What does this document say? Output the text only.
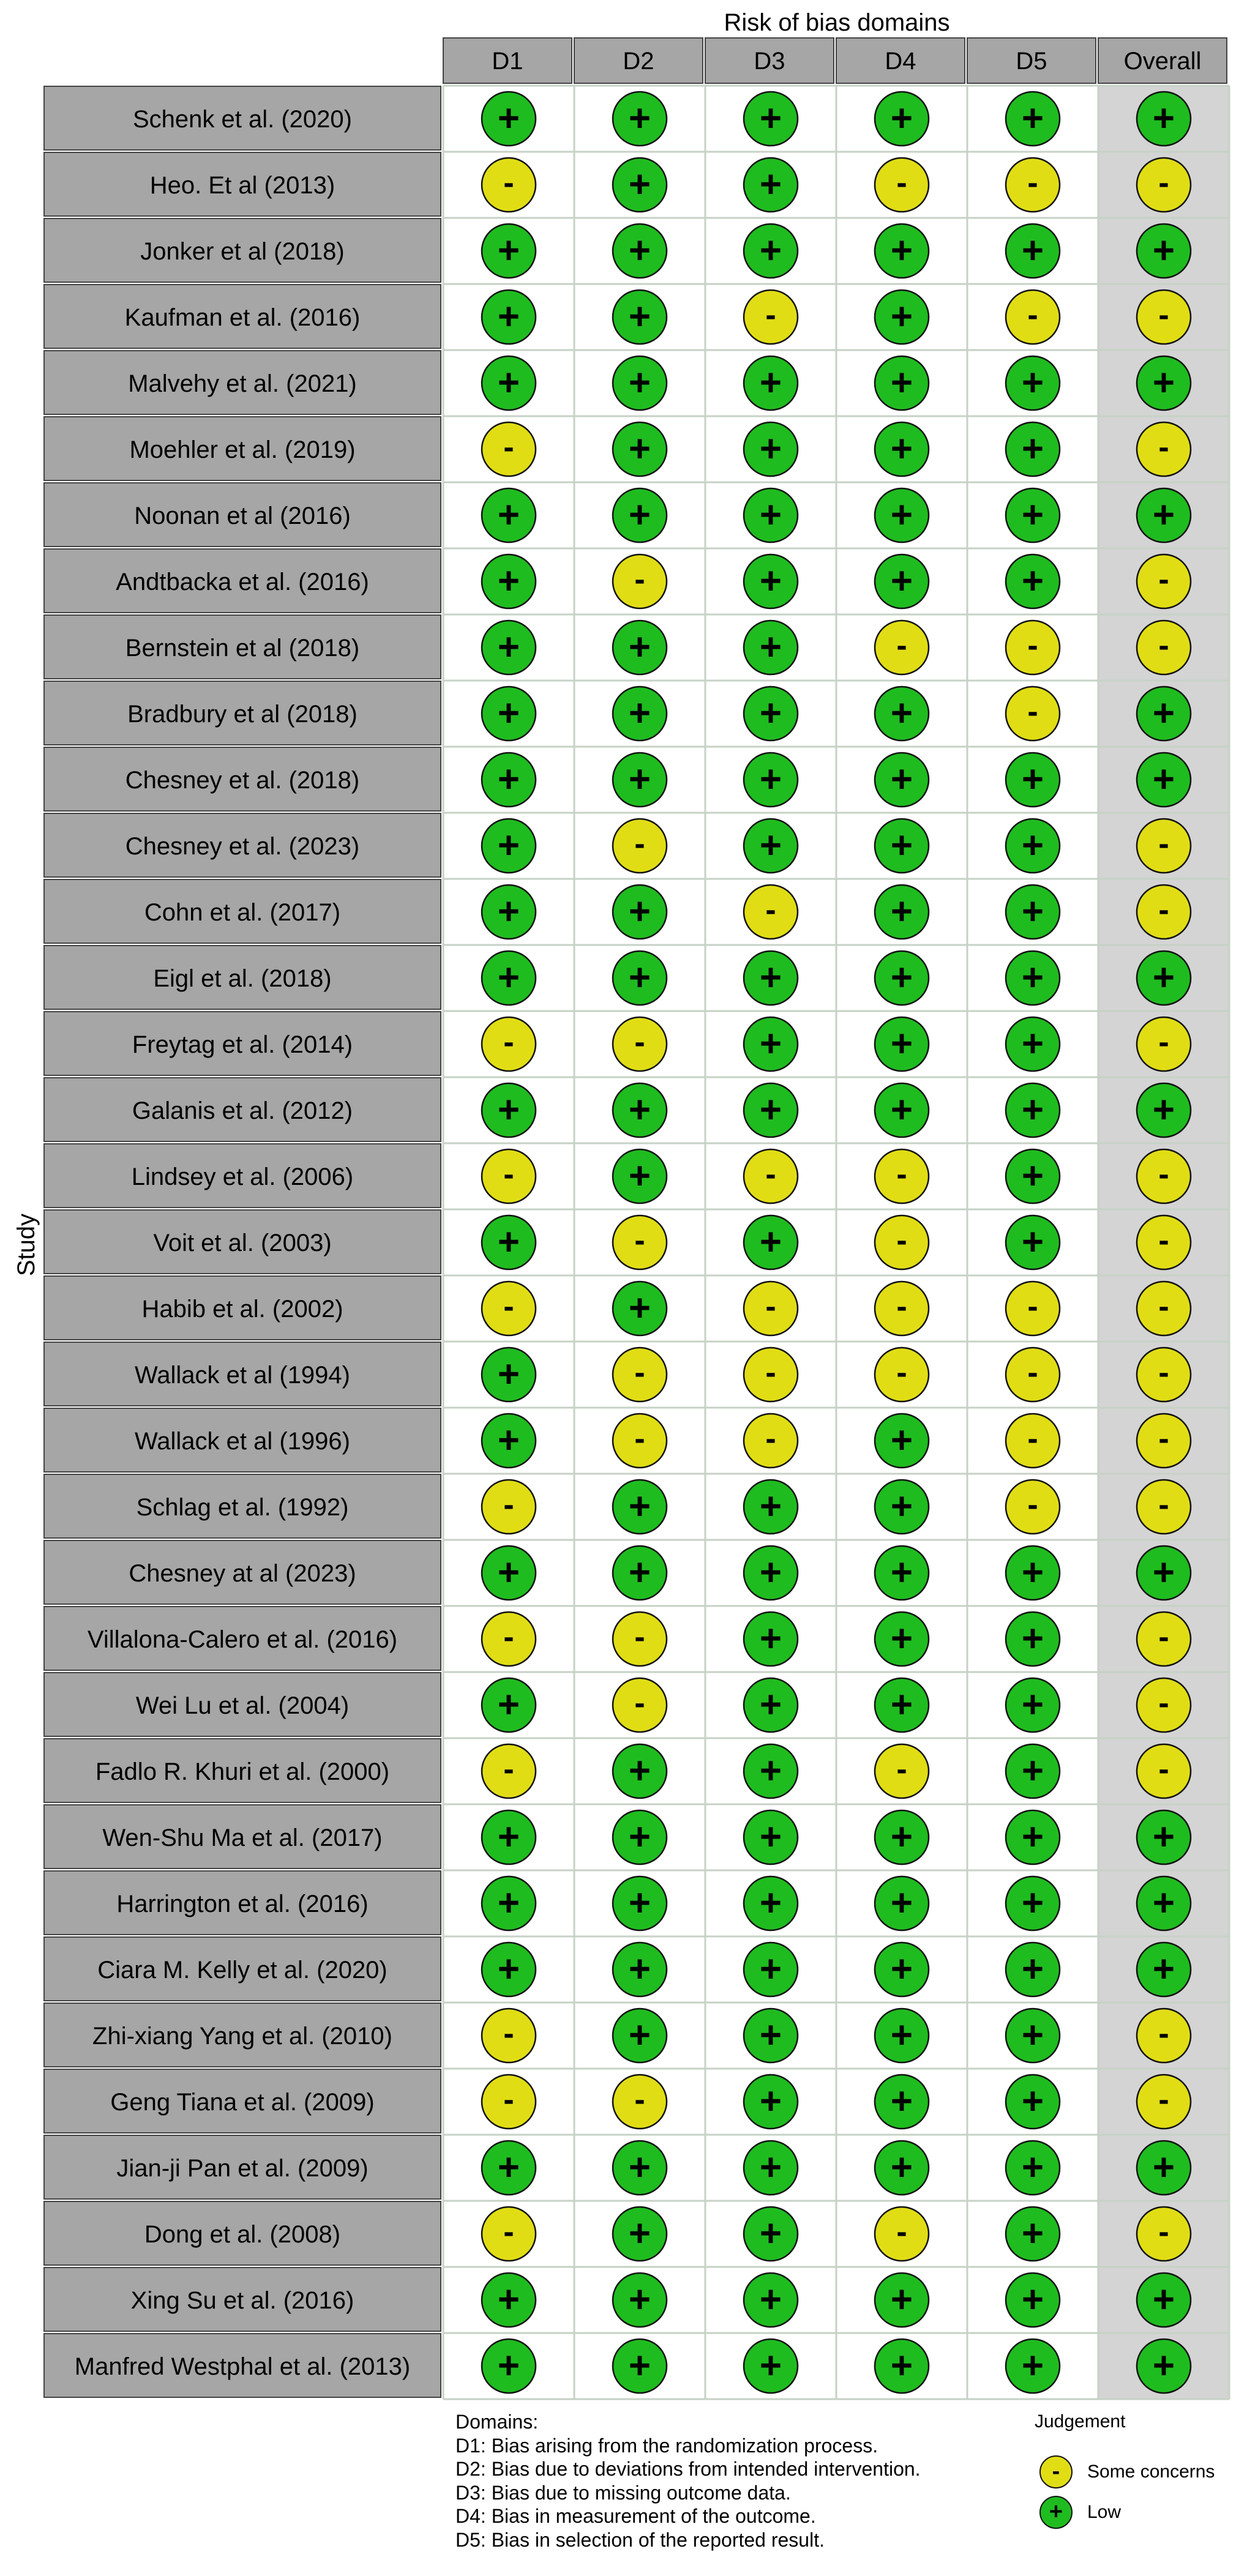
Risk of bias domains
Study
D1	D2	D3	D4	D5	Overall
Schenk et al. (2020)	+	+	+	+	+	+
Heo. Et al (2013)	-	+	+	-	-	-
Jonker et al (2018)	+	+	+	+	+	+
Kaufman et al. (2016)	+	+	-	+	-	-
Malvehy et al. (2021)	+	+	+	+	+	+
Moehler et al. (2019)	-	+	+	+	+	-
Noonan et al (2016)	+	+	+	+	+	+
Andtbacka et al. (2016)	+	-	+	+	+	-
Bernstein et al (2018)	+	+	+	-	-	-
Bradbury et al (2018)	+	+	+	+	-	+
Chesney et al. (2018)	+	+	+	+	+	+
Chesney et al. (2023)	+	-	+	+	+	-
Cohn et al. (2017)	+	+	-	+	+	-
Eigl et al. (2018)	+	+	+	+	+	+
Freytag et al. (2014)	-	-	+	+	+	-
Galanis et al. (2012)	+	+	+	+	+	+
Lindsey et al. (2006)	-	+	-	-	+	-
Voit et al. (2003)	+	-	+	-	+	-
Habib et al. (2002)	-	+	-	-	-	-
Wallack et al (1994)	+	-	-	-	-	-
Wallack et al (1996)	+	-	-	+	-	-
Schlag et al. (1992)	-	+	+	+	-	-
Chesney at al (2023)	+	+	+	+	+	+
Villalona-Calero et al. (2016)	-	-	+	+	+	-
Wei Lu et al. (2004)	+	-	+	+	+	-
Fadlo R. Khuri et al. (2000)	-	+	+	-	+	-
Wen-Shu Ma et al. (2017)	+	+	+	+	+	+
Harrington et al. (2016)	+	+	+	+	+	+
Ciara M. Kelly et al. (2020)	+	+	+	+	+	+
Zhi-xiang Yang et al. (2010)	-	+	+	+	+	-
Geng Tiana et al. (2009)	-	-	+	+	+	-
Jian-ji Pan et al. (2009)	+	+	+	+	+	+
Dong et al. (2008)	-	+	+	-	+	-
Xing Su et al. (2016)	+	+	+	+	+	+
Manfred Westphal et al. (2013) +	+	+	+	+	+
Domains:
D1: Bias arising from the randomization process.
D2: Bias due to deviations from intended intervention.
D3: Bias due to missing outcome data.
D4: Bias in measurement of the outcome.
D5: Bias in selection of the reported result.
Judgement
-	Some concerns
+	Low
